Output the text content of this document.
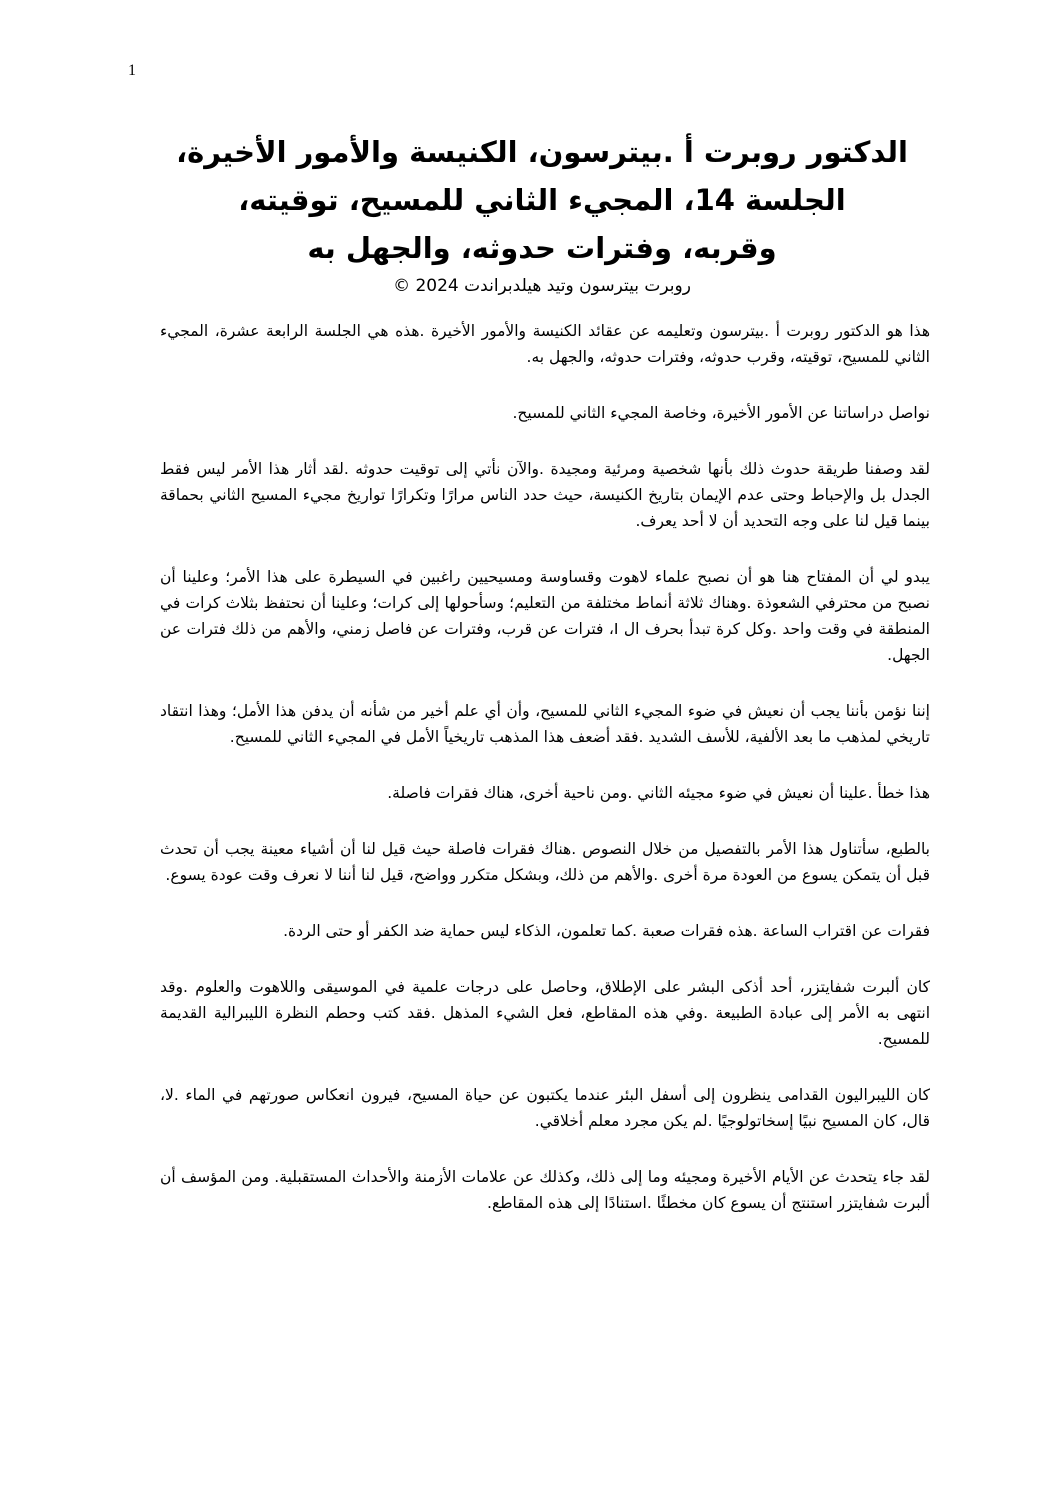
1
الدكتور روبرت أ .بيترسون، الكنيسة والأمور الأخيرة،
الجلسة 14، المجيء الثاني للمسيح، توقيته،
وقربه، وفترات حدوثه، والجهل به
روبرت بيترسون وتيد هيلدبراندت 2024 ©

هذا هو الدكتور روبرت أ .بيترسون وتعليمه عن عقائد الكنيسة والأمور الأخيرة .هذه هي الجلسة الرابعة عشرة، المجيء الثاني للمسيح، توقيته، وقرب حدوثه، وفترات حدوثه، والجهل به.

نواصل دراساتنا عن الأمور الأخيرة، وخاصة المجيء الثاني للمسيح.

لقد وصفنا طريقة حدوث ذلك بأنها شخصية ومرئية ومجيدة .والآن نأتي إلى توقيت حدوثه .لقد أثار هذا الأمر ليس فقط الجدل بل والإحباط وحتى عدم الإيمان بتاريخ الكنيسة، حيث حدد الناس مرارًا وتكرارًا تواريخ مجيء المسيح الثاني بحماقة بينما قيل لنا على وجه التحديد أن لا أحد يعرف.

يبدو لي أن المفتاح هنا هو أن نصبح علماء لاهوت وقساوسة ومسيحيين راغبين في السيطرة على هذا الأمر؛ وعلينا أن نصبح من محترفي الشعوذة .وهناك ثلاثة أنماط مختلفة من التعليم؛ وسأحولها إلى كرات؛ وعلينا أن نحتفظ بثلاث كرات في المنطقة في وقت واحد .وكل كرة تبدأ بحرف ال I، فترات عن قرب، وفترات عن فاصل زمني، والأهم من ذلك فترات عن الجهل.

إننا نؤمن بأننا يجب أن نعيش في ضوء المجيء الثاني للمسيح، وأن أي علم أخير من شأنه أن يدفن هذا الأمل؛ وهذا انتقاد تاريخي لمذهب ما بعد الألفية، للأسف الشديد .فقد أضعف هذا المذهب تاريخياً الأمل في المجيء الثاني للمسيح.

هذا خطأ .علينا أن نعيش في ضوء مجيئه الثاني .ومن ناحية أخرى، هناك فقرات فاصلة.

بالطبع، سأتناول هذا الأمر بالتفصيل من خلال النصوص .هناك فقرات فاصلة حيث قيل لنا أن أشياء معينة يجب أن تحدث قبل أن يتمكن يسوع من العودة مرة أخرى .والأهم من ذلك، وبشكل متكرر وواضح، قيل لنا أننا لا نعرف وقت عودة يسوع.

فقرات عن اقتراب الساعة .هذه فقرات صعبة .كما تعلمون، الذكاء ليس حماية ضد الكفر أو حتى الردة.

كان ألبرت شفايتزر، أحد أذكى البشر على الإطلاق، وحاصل على درجات علمية في الموسيقى واللاهوت والعلوم .وقد انتهى به الأمر إلى عبادة الطبيعة .وفي هذه المقاطع، فعل الشيء المذهل .فقد كتب وحطم النظرة الليبرالية القديمة للمسيح.

كان الليبراليون القدامى ينظرون إلى أسفل البئر عندما يكتبون عن حياة المسيح، فيرون انعكاس صورتهم في الماء .لا، قال، كان المسيح نبيًا إسخاتولوجيًا .لم يكن مجرد معلم أخلاقي.

لقد جاء يتحدث عن الأيام الأخيرة ومجيئه وما إلى ذلك، وكذلك عن علامات الأزمنة والأحداث المستقبلية. ومن المؤسف أن ألبرت شفايتزر استنتج أن يسوع كان مخطئًا .استنادًا إلى هذه المقاطع.
